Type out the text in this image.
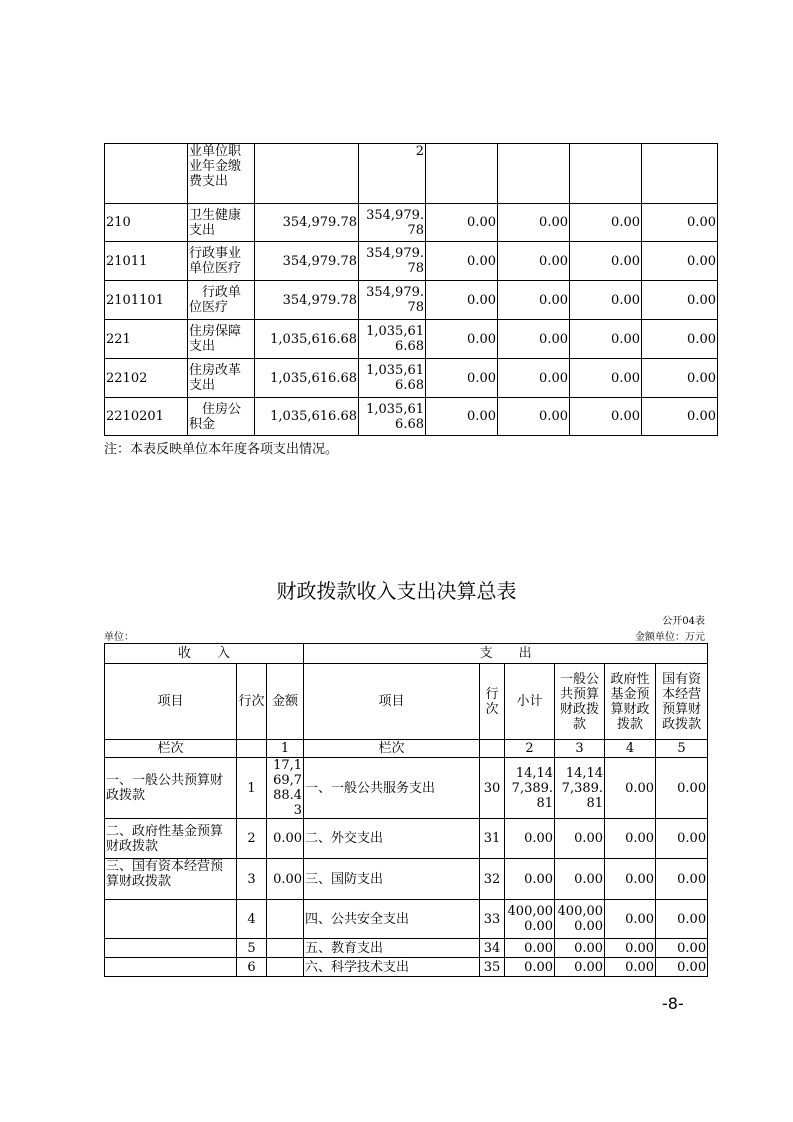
	业单位职业年金缴费支出		2				
210	卫生健康支出	354,979.78	354,979.78	0.00	0.00	0.00	0.00
21011	行政事业单位医疗	354,979.78	354,979.78	0.00	0.00	0.00	0.00
2101101	　行政单位医疗	354,979.78	354,979.78	0.00	0.00	0.00	0.00
221	住房保障支出	1,035,616.68	1,035,616.68	0.00	0.00	0.00	0.00
22102	住房改革支出	1,035,616.68	1,035,616.68	0.00	0.00	0.00	0.00
2210201	　住房公积金	1,035,616.68	1,035,616.68	0.00	0.00	0.00	0.00
注：本表反映单位本年度各项支出情况。
财政拨款收入支出决算总表
公开04表
单位：	金额单位：万元
收　　入			支　　出					
项目	行次	金额	项目	行次	小计	一般公共预算财政拨款	政府性基金预算财政拨款	国有资本经营预算财政拨款
栏次		1	栏次		2	3	4	5
一、一般公共预算财政拨款	1	17,169,788.43	一、一般公共服务支出	30	14,147,389.81	14,147,389.81	0.00	0.00
二、政府性基金预算财政拨款	2	0.00	二、外交支出	31	0.00	0.00	0.00	0.00
三、国有资本经营预算财政拨款	3	0.00	三、国防支出	32	0.00	0.00	0.00	0.00
	4		四、公共安全支出	33	400,000.00	400,000.00	0.00	0.00
	5		五、教育支出	34	0.00	0.00	0.00	0.00
	6		六、科学技术支出	35	0.00	0.00	0.00	0.00
-8-
